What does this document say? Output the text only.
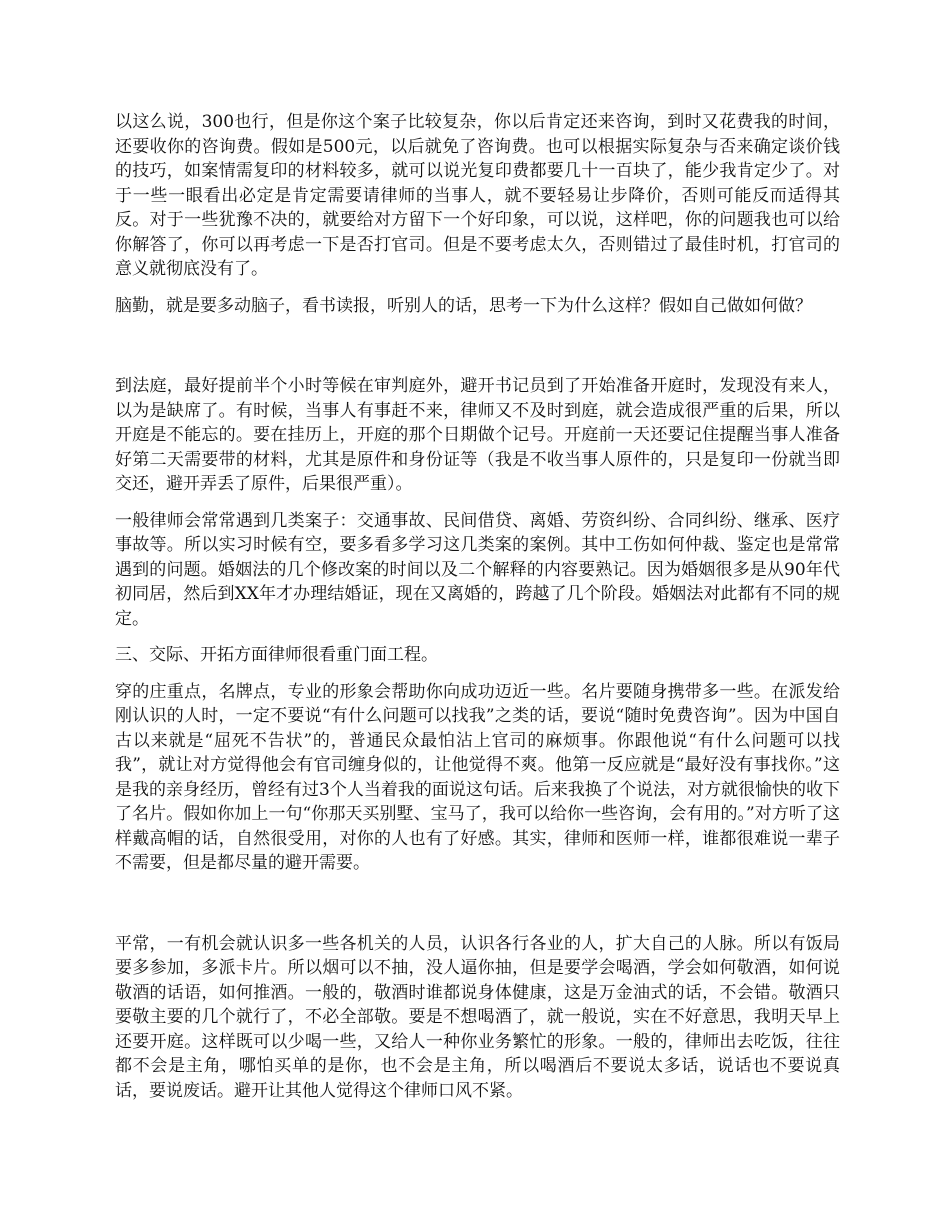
以这么说，300也行，但是你这个案子比较复杂，你以后肯定还来咨询，到时又花费我的时间，还要收你的咨询费。假如是500元，以后就免了咨询费。也可以根据实际复杂与否来确定谈价钱的技巧，如案情需复印的材料较多，就可以说光复印费都要几十一百块了，能少我肯定少了。对于一些一眼看出必定是肯定需要请律师的当事人，就不要轻易让步降价，否则可能反而适得其反。对于一些犹豫不决的，就要给对方留下一个好印象，可以说，这样吧，你的问题我也可以给你解答了，你可以再考虑一下是否打官司。但是不要考虑太久，否则错过了最佳时机，打官司的意义就彻底没有了。

脑勤，就是要多动脑子，看书读报，听别人的话，思考一下为什么这样？假如自己做如何做？

到法庭，最好提前半个小时等候在审判庭外，避开书记员到了开始准备开庭时，发现没有来人，以为是缺席了。有时候，当事人有事赶不来，律师又不及时到庭，就会造成很严重的后果，所以开庭是不能忘的。要在挂历上，开庭的那个日期做个记号。开庭前一天还要记住提醒当事人准备好第二天需要带的材料，尤其是原件和身份证等（我是不收当事人原件的，只是复印一份就当即交还，避开弄丢了原件，后果很严重）。

一般律师会常常遇到几类案子：交通事故、民间借贷、离婚、劳资纠纷、合同纠纷、继承、医疗事故等。所以实习时候有空，要多看多学习这几类案的案例。其中工伤如何仲裁、鉴定也是常常遇到的问题。婚姻法的几个修改案的时间以及二个解释的内容要熟记。因为婚姻很多是从90年代初同居，然后到XX年才办理结婚证，现在又离婚的，跨越了几个阶段。婚姻法对此都有不同的规定。

三、交际、开拓方面律师很看重门面工程。

穿的庄重点，名牌点，专业的形象会帮助你向成功迈近一些。名片要随身携带多一些。在派发给刚认识的人时，一定不要说“有什么问题可以找我”之类的话，要说“随时免费咨询”。因为中国自古以来就是“屈死不告状”的，普通民众最怕沾上官司的麻烦事。你跟他说“有什么问题可以找我”，就让对方觉得他会有官司缠身似的，让他觉得不爽。他第一反应就是“最好没有事找你。”这是我的亲身经历，曾经有过3个人当着我的面说这句话。后来我换了个说法，对方就很愉快的收下了名片。假如你加上一句“你那天买别墅、宝马了，我可以给你一些咨询，会有用的。”对方听了这样戴高帽的话，自然很受用，对你的人也有了好感。其实，律师和医师一样，谁都很难说一辈子不需要，但是都尽量的避开需要。

平常，一有机会就认识多一些各机关的人员，认识各行各业的人，扩大自己的人脉。所以有饭局要多参加，多派卡片。所以烟可以不抽，没人逼你抽，但是要学会喝酒，学会如何敬酒，如何说敬酒的话语，如何推酒。一般的，敬酒时谁都说身体健康，这是万金油式的话，不会错。敬酒只要敬主要的几个就行了，不必全部敬。要是不想喝酒了，就一般说，实在不好意思，我明天早上还要开庭。这样既可以少喝一些，又给人一种你业务繁忙的形象。一般的，律师出去吃饭，往往都不会是主角，哪怕买单的是你，也不会是主角，所以喝酒后不要说太多话，说话也不要说真话，要说废话。避开让其他人觉得这个律师口风不紧。
